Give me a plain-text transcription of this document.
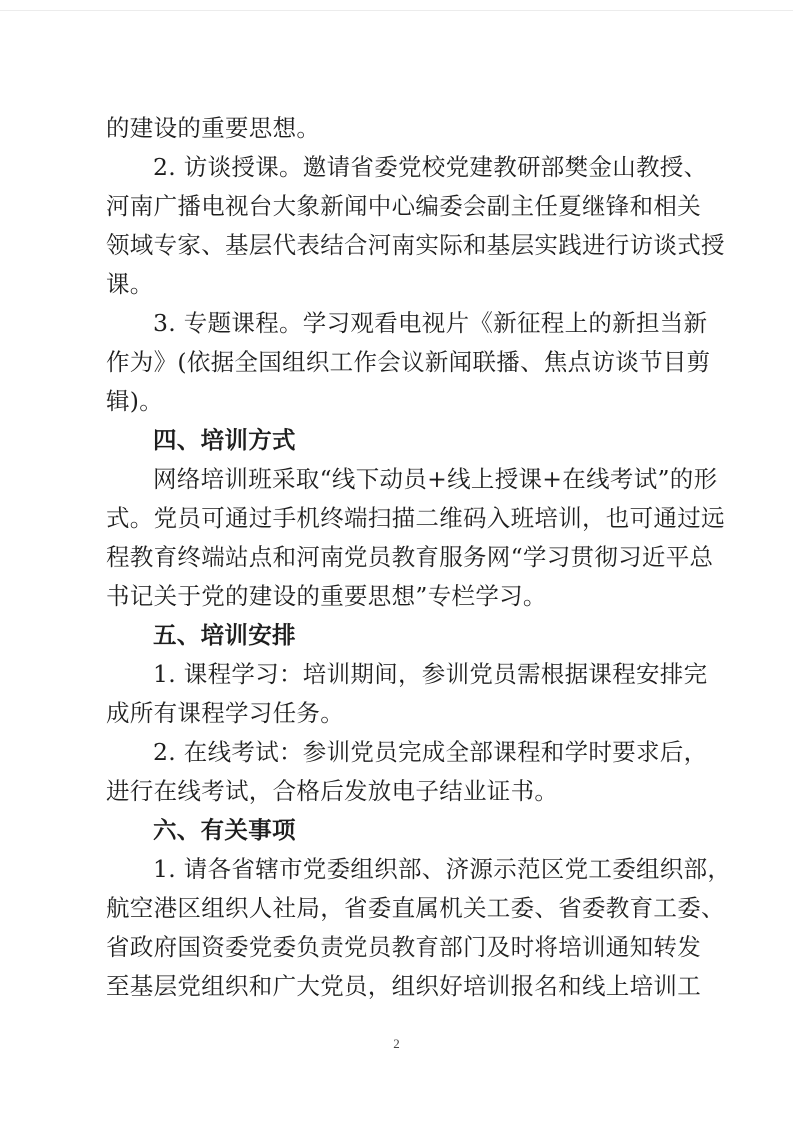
的建设的重要思想。
2. 访谈授课。邀请省委党校党建教研部樊金山教授、
河南广播电视台大象新闻中心编委会副主任夏继锋和相关
领域专家、基层代表结合河南实际和基层实践进行访谈式授
课。
3. 专题课程。学习观看电视片《新征程上的新担当新
作为》(依据全国组织工作会议新闻联播、焦点访谈节目剪
辑)。
四、培训方式
网络培训班采取“线下动员+线上授课+在线考试”的形
式。党员可通过手机终端扫描二维码入班培训，也可通过远
程教育终端站点和河南党员教育服务网“学习贯彻习近平总
书记关于党的建设的重要思想”专栏学习。
五、培训安排
1. 课程学习：培训期间，参训党员需根据课程安排完
成所有课程学习任务。
2. 在线考试：参训党员完成全部课程和学时要求后，
进行在线考试，合格后发放电子结业证书。
六、有关事项
1. 请各省辖市党委组织部、济源示范区党工委组织部，
航空港区组织人社局，省委直属机关工委、省委教育工委、
省政府国资委党委负责党员教育部门及时将培训通知转发
至基层党组织和广大党员，组织好培训报名和线上培训工
2
